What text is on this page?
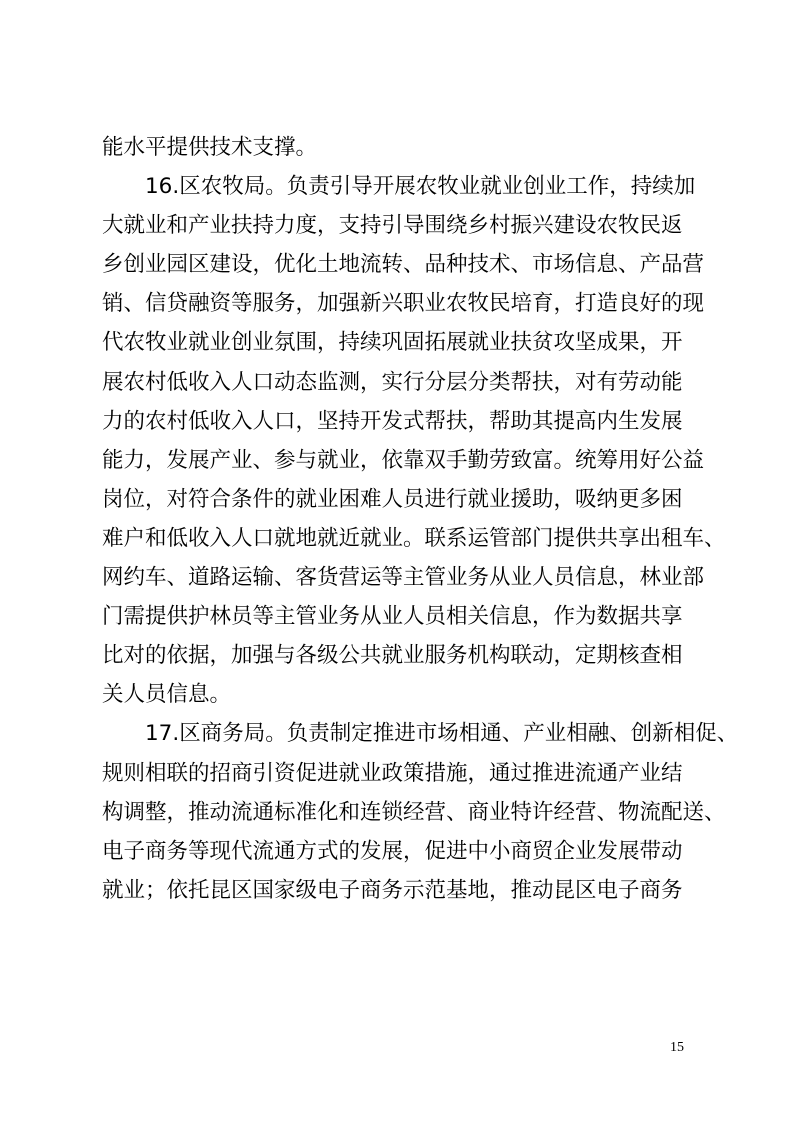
能水平提供技术支撑。
16.区农牧局。负责引导开展农牧业就业创业工作，持续加
大就业和产业扶持力度，支持引导围绕乡村振兴建设农牧民返
乡创业园区建设，优化土地流转、品种技术、市场信息、产品营
销、信贷融资等服务，加强新兴职业农牧民培育，打造良好的现
代农牧业就业创业氛围，持续巩固拓展就业扶贫攻坚成果，开
展农村低收入人口动态监测，实行分层分类帮扶，对有劳动能
力的农村低收入人口，坚持开发式帮扶，帮助其提高内生发展
能力，发展产业、参与就业，依靠双手勤劳致富。统筹用好公益
岗位，对符合条件的就业困难人员进行就业援助，吸纳更多困
难户和低收入人口就地就近就业。联系运管部门提供共享出租车、
网约车、道路运输、客货营运等主管业务从业人员信息，林业部
门需提供护林员等主管业务从业人员相关信息，作为数据共享
比对的依据，加强与各级公共就业服务机构联动，定期核查相
关人员信息。
17.区商务局。负责制定推进市场相通、产业相融、创新相促、
规则相联的招商引资促进就业政策措施，通过推进流通产业结
构调整，推动流通标准化和连锁经营、商业特许经营、物流配送、
电子商务等现代流通方式的发展，促进中小商贸企业发展带动
就业；依托昆区国家级电子商务示范基地，推动昆区电子商务
15
